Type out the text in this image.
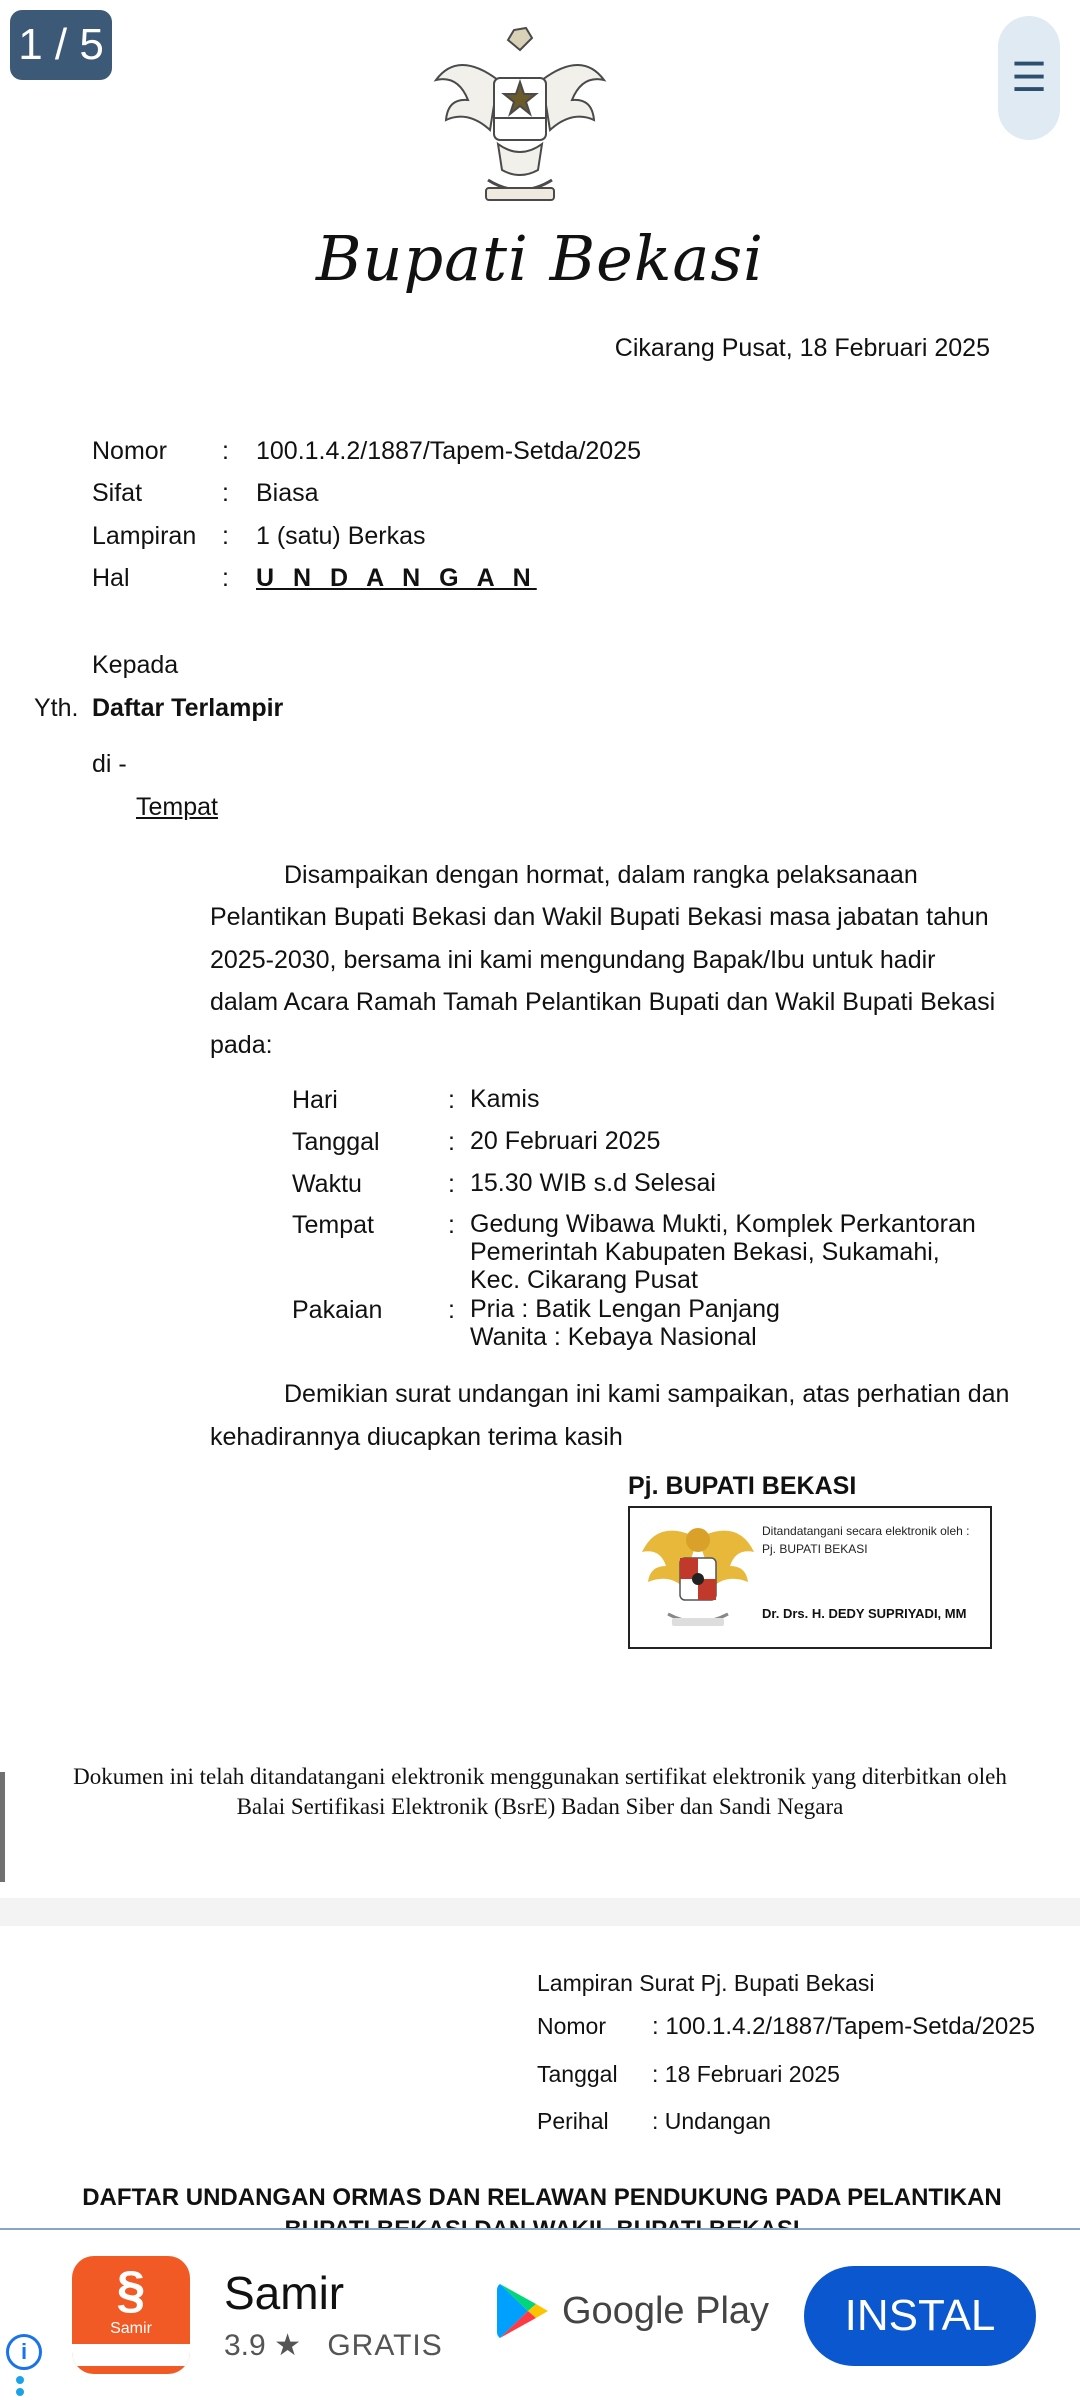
1 / 5
☰
Bupati Bekasi
Cikarang Pusat, 18 Februari 2025
Nomor : 100.1.4.2/1887/Tapem-Setda/2025
Sifat	: Biasa
Lampiran : 1 (satu) Berkas
Hal	: U N D A N G A N
Kepada
Yth. Daftar Terlampir
di -
Tempat
Disampaikan dengan hormat, dalam rangka pelaksanaan
Pelantikan Bupati Bekasi dan Wakil Bupati Bekasi masa jabatan tahun
2025-2030, bersama ini kami mengundang Bapak/Ibu untuk hadir
dalam Acara Ramah Tamah Pelantikan Bupati dan Wakil Bupati Bekasi
pada:
Hari	: Kamis
Tanggal	: 20 Februari 2025
Waktu	: 15.30 WIB s.d Selesai
Tempat	: Gedung Wibawa Mukti, Komplek Perkantoran
Pemerintah Kabupaten Bekasi, Sukamahi,
Kec. Cikarang Pusat
Pakaian	: Pria : Batik Lengan Panjang
Wanita : Kebaya Nasional
Demikian surat undangan ini kami sampaikan, atas perhatian dan
kehadirannya diucapkan terima kasih
Pj. BUPATI BEKASI
Ditandatangani secara elektronik oleh :
Pj. BUPATI BEKASI
Dr. Drs. H. DEDY SUPRIYADI, MM
Dokumen ini telah ditandatangani elektronik menggunakan sertifikat elektronik yang diterbitkan oleh
Balai Sertifikasi Elektronik (BsrE) Badan Siber dan Sandi Negara
Lampiran Surat Pj. Bupati Bekasi
Nomor : 100.1.4.2/1887/Tapem-Setda/2025
Tanggal : 18 Februari 2025
Perihal : Undangan
DAFTAR UNDANGAN ORMAS DAN RELAWAN PENDUKUNG PADA PELANTIKAN
§
Samir
Samir
3.9 ★ GRATIS
Google Play	INSTAL
i
